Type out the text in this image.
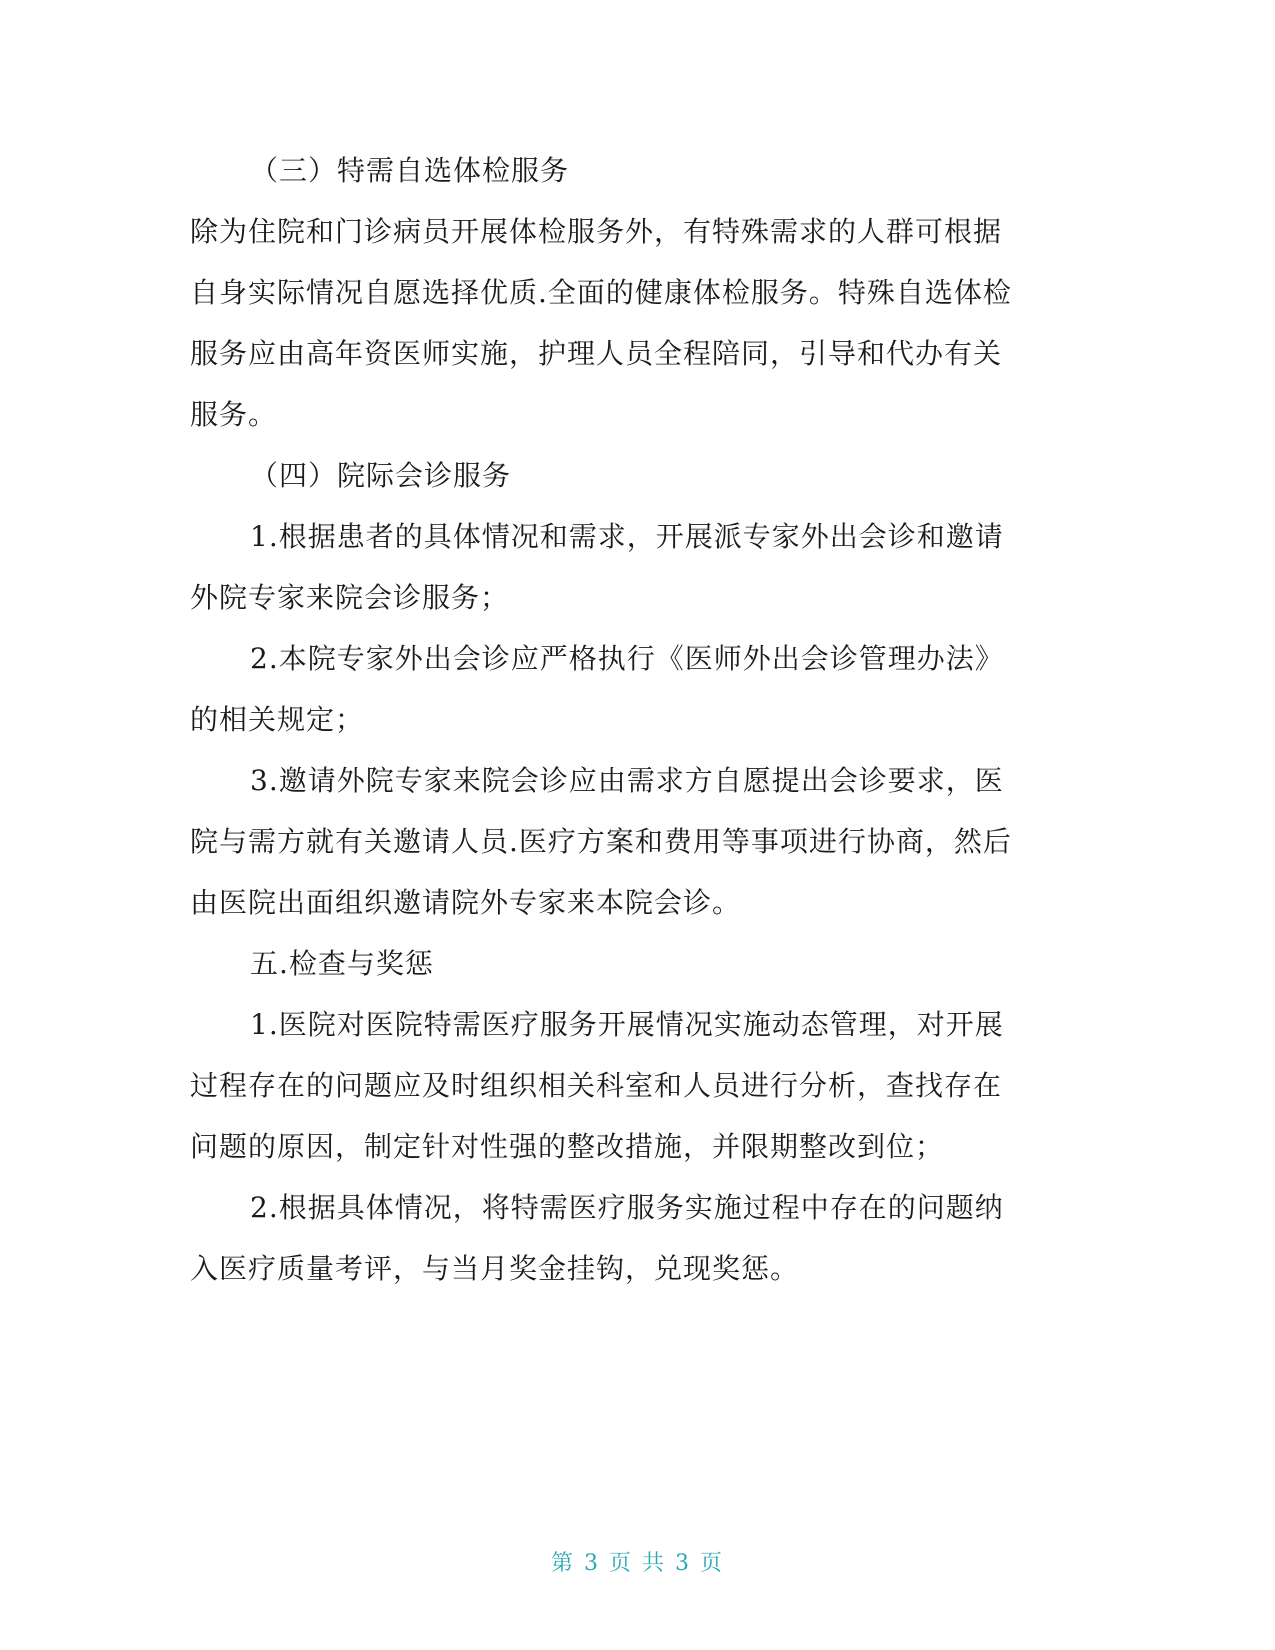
（三）特需自选体检服务
除为住院和门诊病员开展体检服务外，有特殊需求的人群可根据
自身实际情况自愿选择优质.全面的健康体检服务。特殊自选体检
服务应由高年资医师实施，护理人员全程陪同，引导和代办有关
服务。
（四）院际会诊服务
1.根据患者的具体情况和需求，开展派专家外出会诊和邀请
外院专家来院会诊服务；
2.本院专家外出会诊应严格执行《医师外出会诊管理办法》
的相关规定；
3.邀请外院专家来院会诊应由需求方自愿提出会诊要求，医
院与需方就有关邀请人员.医疗方案和费用等事项进行协商，然后
由医院出面组织邀请院外专家来本院会诊。
五.检查与奖惩
1.医院对医院特需医疗服务开展情况实施动态管理，对开展
过程存在的问题应及时组织相关科室和人员进行分析，查找存在
问题的原因，制定针对性强的整改措施，并限期整改到位；
2.根据具体情况，将特需医疗服务实施过程中存在的问题纳
入医疗质量考评，与当月奖金挂钩，兑现奖惩。
第 3 页 共 3 页
